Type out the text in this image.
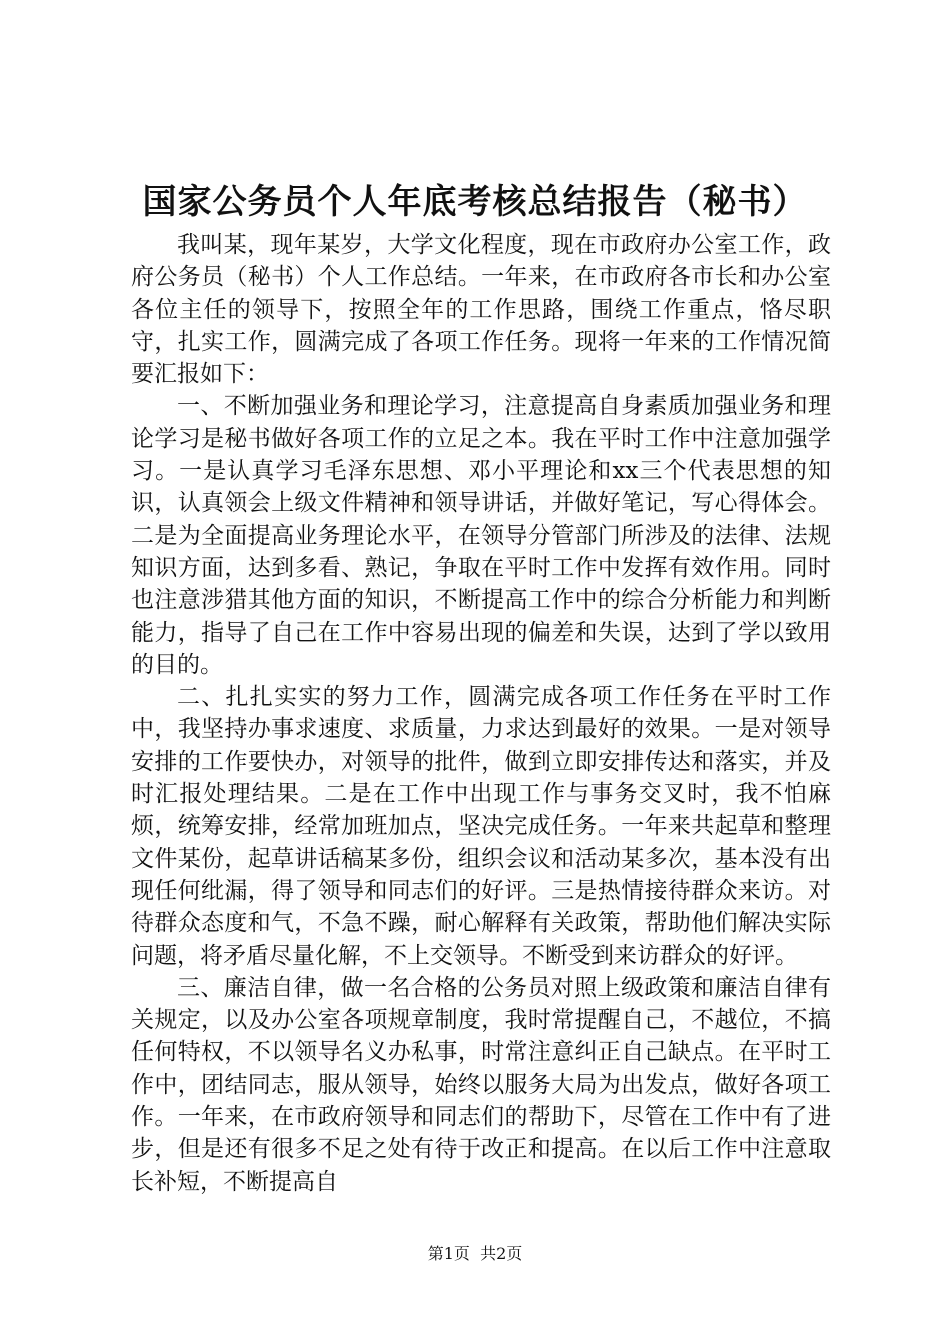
国家公务员个人年底考核总结报告（秘书）

我叫某，现年某岁，大学文化程度，现在市政府办公室工作，政府公务员（秘书）个人工作总结。一年来，在市政府各市长和办公室各位主任的领导下，按照全年的工作思路，围绕工作重点，恪尽职守，扎实工作，圆满完成了各项工作任务。现将一年来的工作情况简要汇报如下：

一、不断加强业务和理论学习，注意提高自身素质加强业务和理论学习是秘书做好各项工作的立足之本。我在平时工作中注意加强学习。一是认真学习毛泽东思想、邓小平理论和xx三个代表思想的知识，认真领会上级文件精神和领导讲话，并做好笔记，写心得体会。二是为全面提高业务理论水平，在领导分管部门所涉及的法律、法规知识方面，达到多看、熟记，争取在平时工作中发挥有效作用。同时也注意涉猎其他方面的知识，不断提高工作中的综合分析能力和判断能力，指导了自己在工作中容易出现的偏差和失误，达到了学以致用的目的。

二、扎扎实实的努力工作，圆满完成各项工作任务在平时工作中，我坚持办事求速度、求质量，力求达到最好的效果。一是对领导安排的工作要快办，对领导的批件，做到立即安排传达和落实，并及时汇报处理结果。二是在工作中出现工作与事务交叉时，我不怕麻烦，统筹安排，经常加班加点，坚决完成任务。一年来共起草和整理文件某份，起草讲话稿某多份，组织会议和活动某多次，基本没有出现任何纰漏，得了领导和同志们的好评。三是热情接待群众来访。对待群众态度和气，不急不躁，耐心解释有关政策，帮助他们解决实际问题，将矛盾尽量化解，不上交领导。不断受到来访群众的好评。

三、廉洁自律，做一名合格的公务员对照上级政策和廉洁自律有关规定，以及办公室各项规章制度，我时常提醒自己，不越位，不搞任何特权，不以领导名义办私事，时常注意纠正自己缺点。在平时工作中，团结同志，服从领导，始终以服务大局为出发点，做好各项工作。一年来，在市政府领导和同志们的帮助下，尽管在工作中有了进步，但是还有很多不足之处有待于改正和提高。在以后工作中注意取长补短，不断提高自

第1页 共2页
